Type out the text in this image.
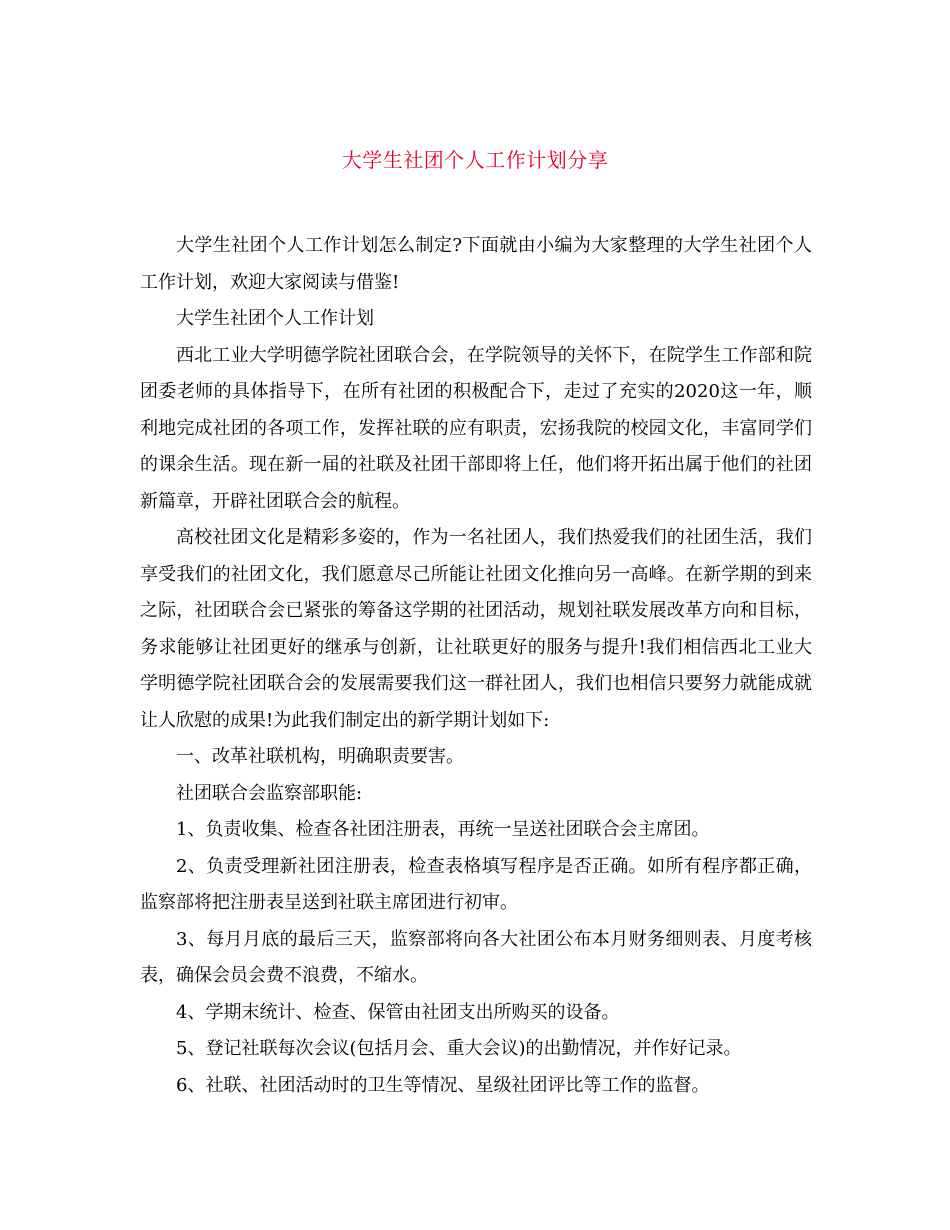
大学生社团个人工作计划分享

大学生社团个人工作计划怎么制定?下面就由小编为大家整理的大学生社团个人工作计划，欢迎大家阅读与借鉴!

大学生社团个人工作计划

西北工业大学明德学院社团联合会，在学院领导的关怀下，在院学生工作部和院团委老师的具体指导下，在所有社团的积极配合下，走过了充实的2020这一年，顺利地完成社团的各项工作，发挥社联的应有职责，宏扬我院的校园文化，丰富同学们的课余生活。现在新一届的社联及社团干部即将上任，他们将开拓出属于他们的社团新篇章，开辟社团联合会的航程。

高校社团文化是精彩多姿的，作为一名社团人，我们热爱我们的社团生活，我们享受我们的社团文化，我们愿意尽己所能让社团文化推向另一高峰。在新学期的到来之际，社团联合会已紧张的筹备这学期的社团活动，规划社联发展改革方向和目标，务求能够让社团更好的继承与创新，让社联更好的服务与提升!我们相信西北工业大学明德学院社团联合会的发展需要我们这一群社团人，我们也相信只要努力就能成就让人欣慰的成果!为此我们制定出的新学期计划如下:

一、改革社联机构，明确职责要害。

社团联合会监察部职能:

1、负责收集、检查各社团注册表，再统一呈送社团联合会主席团。

2、负责受理新社团注册表，检查表格填写程序是否正确。如所有程序都正确，监察部将把注册表呈送到社联主席团进行初审。

3、每月月底的最后三天，监察部将向各大社团公布本月财务细则表、月度考核表，确保会员会费不浪费，不缩水。

4、学期末统计、检查、保管由社团支出所购买的设备。

5、登记社联每次会议(包括月会、重大会议)的出勤情况，并作好记录。

6、社联、社团活动时的卫生等情况、星级社团评比等工作的监督。
